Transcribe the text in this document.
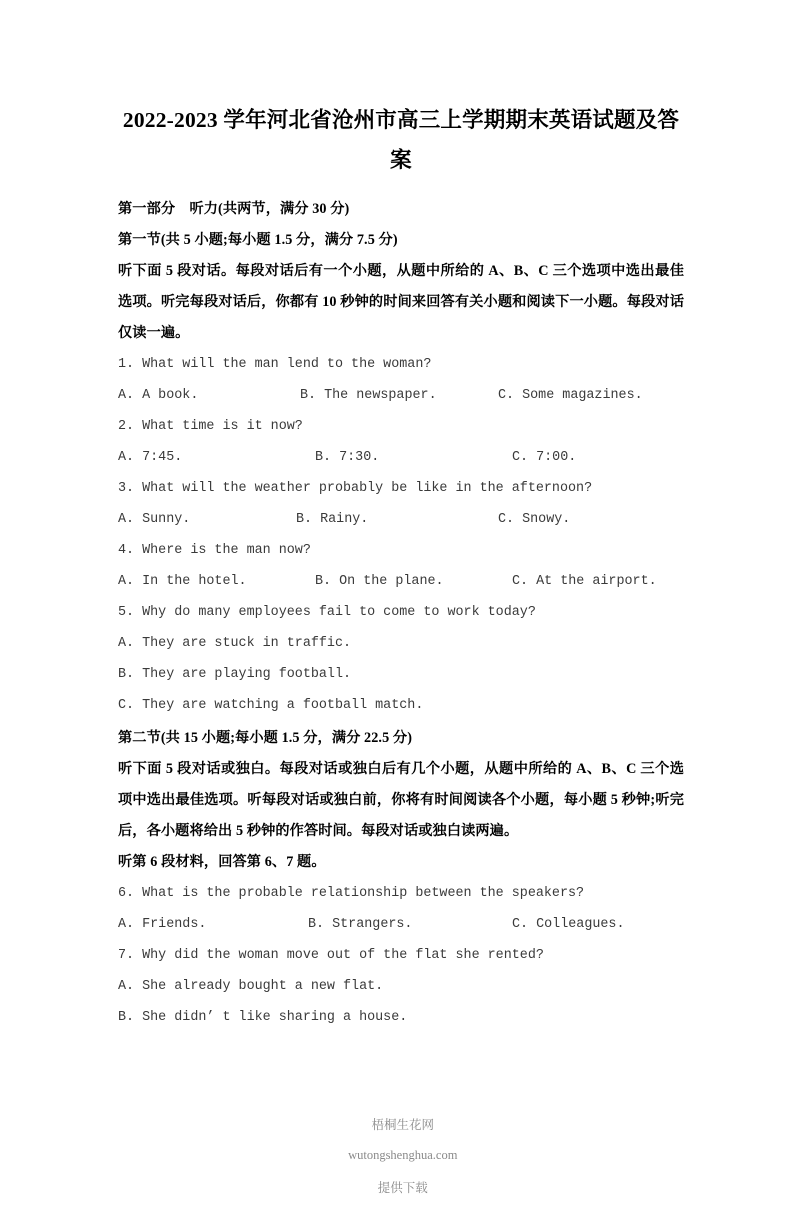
2022-2023 学年河北省沧州市高三上学期期末英语试题及答案

第一部分　听力(共两节，满分 30 分)

第一节(共 5 小题;每小题 1.5 分，满分 7.5 分)

听下面 5 段对话。每段对话后有一个小题，从题中所给的 A、B、C 三个选项中选出最佳选项。听完每段对话后，你都有 10 秒钟的时间来回答有关小题和阅读下一小题。每段对话仅读一遍。

1. What will the man lend to the woman?

A. A book.	B. The newspaper.	C. Some magazines.

2. What time is it now?

A. 7:45.	B. 7:30.	C. 7:00.

3. What will the weather probably be like in the afternoon?

A. Sunny.	B. Rainy.	C. Snowy.

4. Where is the man now?

A. In the hotel.	B. On the plane.	C. At the airport.

5. Why do many employees fail to come to work today?

A. They are stuck in traffic.

B. They are playing football.

C. They are watching a football match.

第二节(共 15 小题;每小题 1.5 分，满分 22.5 分)

听下面 5 段对话或独白。每段对话或独白后有几个小题，从题中所给的 A、B、C 三个选项中选出最佳选项。听每段对话或独白前，你将有时间阅读各个小题，每小题 5 秒钟;听完后，各小题将给出 5 秒钟的作答时间。每段对话或独白读两遍。

听第 6 段材料，回答第 6、7 题。

6. What is the probable relationship between the speakers?

A. Friends.	B. Strangers.	C. Colleagues.

7. Why did the woman move out of the flat she rented?

A. She already bought a new flat.

B. She didn’ t like sharing a house.

梧桐生花网

wutongshenghua.com

提供下载
